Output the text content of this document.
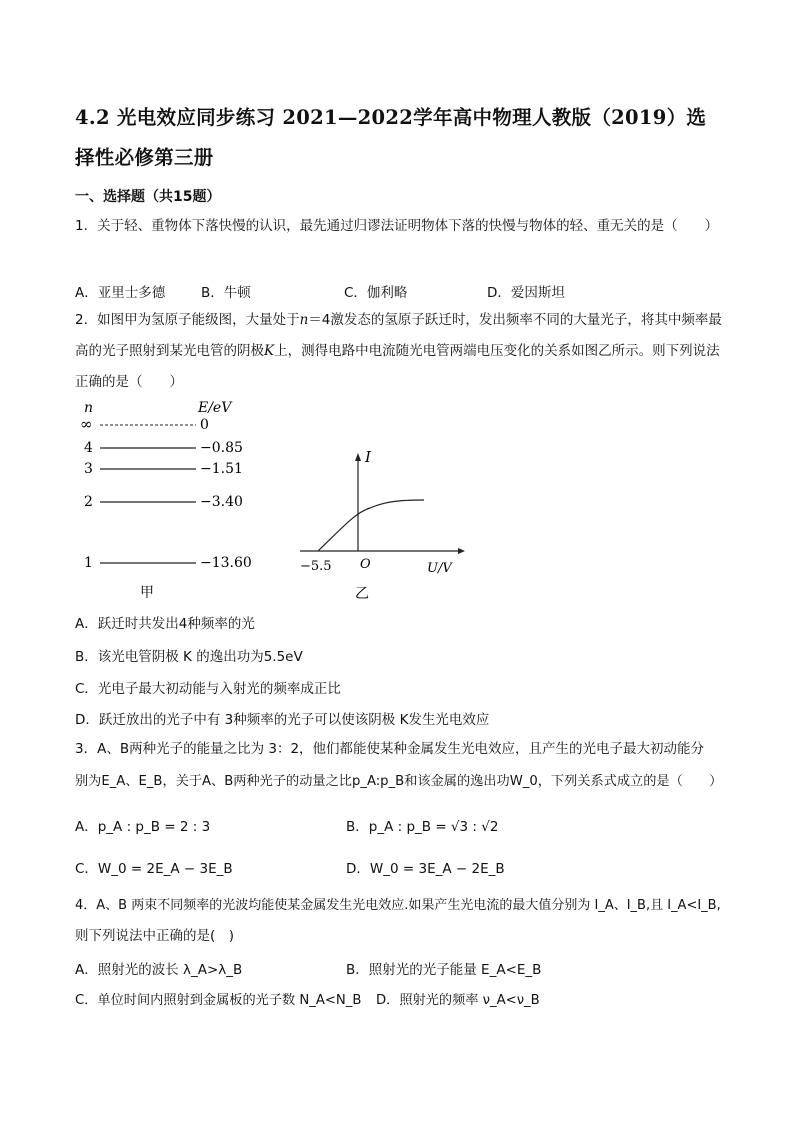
4.2 光电效应同步练习 2021—2022学年高中物理人教版（2019）选择性必修第三册
一、选择题（共15题）
1．关于轻、重物体下落快慢的认识，最先通过归谬法证明物体下落的快慢与物体的轻、重无关的是（　　）
A．亚里士多德	B．牛顿	C．伽利略	D．爱因斯坦
2．如图甲为氢原子能级图，大量处于n＝4激发态的氢原子跃迁时，发出频率不同的大量光子，将其中频率最高的光子照射到某光电管的阴极K上，测得电路中电流随光电管两端电压变化的关系如图乙所示。则下列说法正确的是（　　）
n	E/eV
∞	0
4	−0.85
3	−1.51
2	−3.40
1	−13.60
甲
I
−5.5 O	U/V
乙
A．跃迁时共发出4种频率的光
B．该光电管阴极 K 的逸出功为5.5eV
C．光电子最大初动能与入射光的频率成正比
D．跃迁放出的光子中有 3种频率的光子可以使该阴极 K发生光电效应
3．A、B两种光子的能量之比为 3：2，他们都能使某种金属发生光电效应，且产生的光电子最大初动能分
别为E_A、E_B，关于A、B两种光子的动量之比p_A:p_B和该金属的逸出功W_0，下列关系式成立的是（　　）
A．p_A : p_B = 2 : 3	B．p_A : p_B = √3 : √2
C．W_0 = 2E_A − 3E_B	D．W_0 = 3E_A − 2E_B
4．A、B 两束不同频率的光波均能使某金属发生光电效应.如果产生光电流的最大值分别为 I_A、I_B,且 I_A<I_B,
则下列说法中正确的是(　)
A．照射光的波长 λ_A>λ_B	B．照射光的光子能量 E_A<E_B
C．单位时间内照射到金属板的光子数 N_A<N_B D．照射光的频率 ν_A<ν_B
